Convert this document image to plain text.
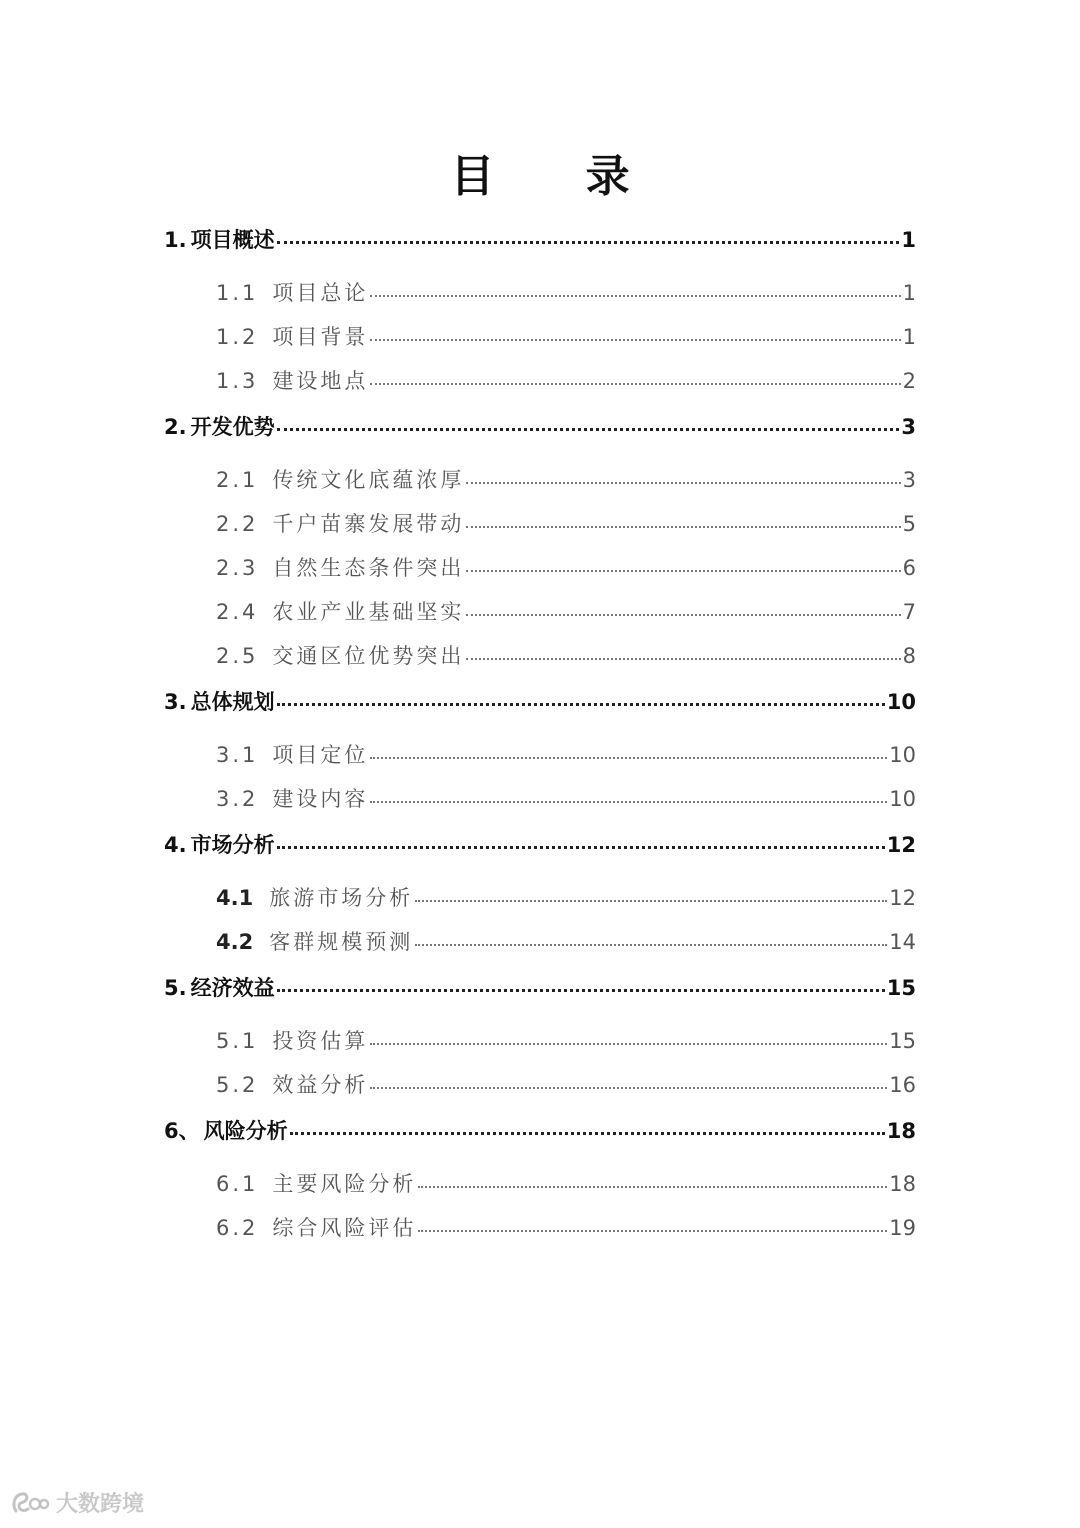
目 录
1. 项目概述	1
1.1 项目总论	1
1.2 项目背景	1
1.3 建设地点	2
2. 开发优势	3
2.1 传统文化底蕴浓厚	3
2.2 千户苗寨发展带动	5
2.3 自然生态条件突出	6
2.4 农业产业基础坚实	7
2.5 交通区位优势突出	8
3. 总体规划	10
3.1 项目定位	10
3.2 建设内容	10
4. 市场分析	12
4.1 旅游市场分析	12
4.2 客群规模预测	14
5. 经济效益	15
5.1 投资估算	15
5.2 效益分析	16
6、 风险分析	18
6.1 主要风险分析	18
6.2 综合风险评估	19
大数跨境
